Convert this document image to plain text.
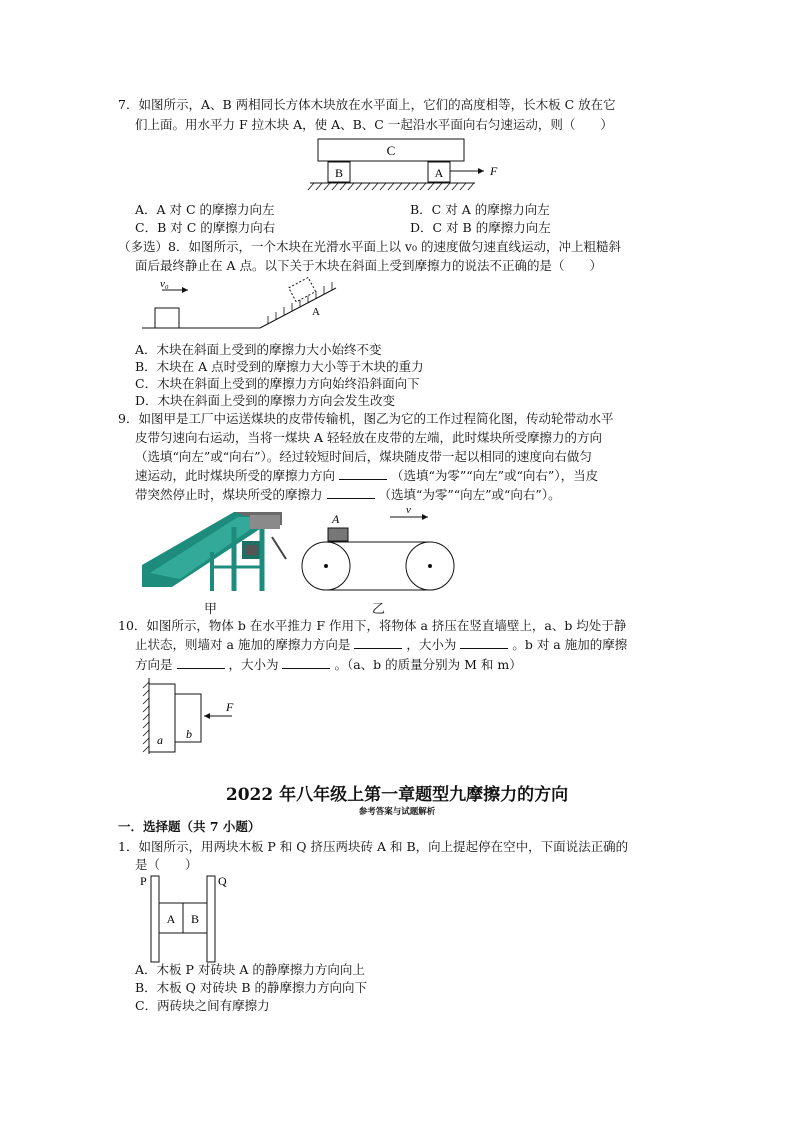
7．如图所示，A、B 两相同长方体木块放在水平面上，它们的高度相等，长木板 C 放在它
们上面。用水平力 F 拉木块 A，使 A、B、C 一起沿水平面向右匀速运动，则（　　）
C
B	A	F
A．A 对 C 的摩擦力向左	B．C 对 A 的摩擦力向左
C．B 对 C 的摩擦力向右	D．C 对 B 的摩擦力向左
（多选）8．如图所示，一个木块在光滑水平面上以 v₀ 的速度做匀速直线运动，冲上粗糙斜
面后最终静止在 A 点。以下关于木块在斜面上受到摩擦力的说法不正确的是（　　）
v₀
A
A．木块在斜面上受到的摩擦力大小始终不变
B．木块在 A 点时受到的摩擦力大小等于木块的重力
C．木块在斜面上受到的摩擦力方向始终沿斜面向下
D．木块在斜面上受到的摩擦力方向会发生改变
9．如图甲是工厂中运送煤块的皮带传输机，图乙为它的工作过程简化图，传动轮带动水平
皮带匀速向右运动，当将一煤块 A 轻轻放在皮带的左端，此时煤块所受摩擦力的方向
（选填“向左”或“向右”）。经过较短时间后，煤块随皮带一起以相同的速度向右做匀
速运动，此时煤块所受的摩擦力方向	（选填“为零”“向左”或“向右”），当皮
带突然停止时，煤块所受的摩擦力	（选填“为零”“向左”或“向右”）。
A
v
甲	乙
10．如图所示，物体 b 在水平推力 F 作用下，将物体 a 挤压在竖直墙壁上，a、b 均处于静
止状态，则墙对 a 施加的摩擦力方向是	，大小为	。b 对 a 施加的摩擦
方向是	，大小为	。（a、b 的质量分别为 M 和 m）
F
a b
2022 年八年级上第一章题型九摩擦力的方向
参考答案与试题解析
一．选择题（共 7 小题）
1．如图所示，用两块木板 P 和 Q 挤压两块砖 A 和 B，向上提起停在空中，下面说法正确的
是（　　）
P	Q
A B
A．木板 P 对砖块 A 的静摩擦力方向向上
B．木板 Q 对砖块 B 的静摩擦力方向向下
C．两砖块之间有摩擦力
